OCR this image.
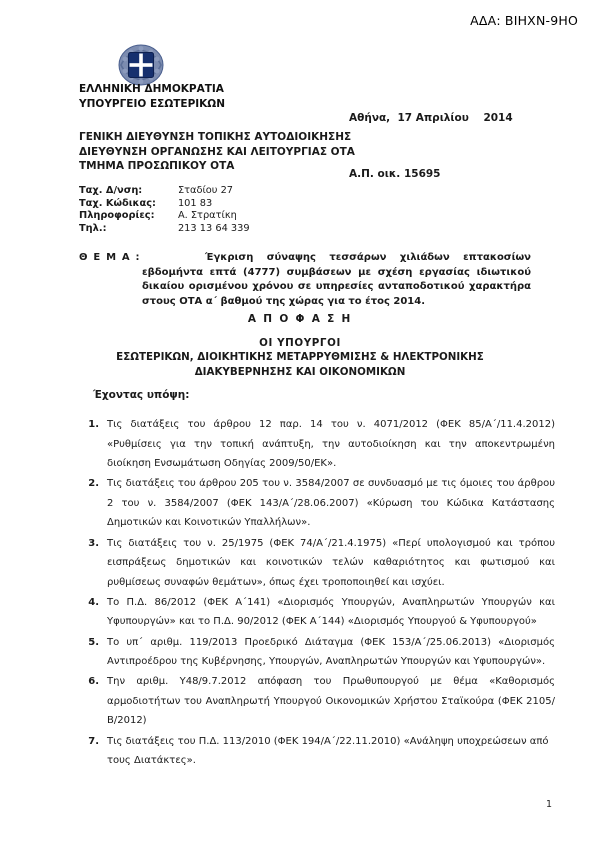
ΑΔΑ: ΒΙΗΧΝ-9ΗΟ
ΕΛΛΗΝΙΚΗ ΔΗΜΟΚΡΑΤΙΑ
ΥΠΟΥΡΓΕΙΟ ΕΣΩΤΕΡΙΚΩΝ

Αθήνα,  17 Απριλίου    2014

Α.Π. οικ. 15695

ΓΕΝΙΚΗ ΔΙΕΥΘΥΝΣΗ ΤΟΠΙΚΗΣ ΑΥΤΟΔΙΟΙΚΗΣΗΣ
ΔΙΕΥΘΥΝΣΗ ΟΡΓΑΝΩΣΗΣ ΚΑΙ ΛΕΙΤΟΥΡΓΙΑΣ ΟΤΑ
ΤΜΗΜΑ ΠΡΟΣΩΠΙΚΟΥ ΟΤΑ
Ταχ. Δ/νση:	Σταδίου 27
Ταχ. Κώδικας:	101 83
Πληροφορίες:	Α. Στρατίκη
Τηλ.:	213 13 64 339
Θ Ε Μ Α :	Έγκριση σύναψης τεσσάρων χιλιάδων επτακοσίων εβδομήντα επτά (4777) συμβάσεων με σχέση εργασίας ιδιωτικού δικαίου ορισμένου χρόνου σε υπηρεσίες ανταποδοτικού χαρακτήρα στους ΟΤΑ α΄ βαθμού της χώρας για το έτος 2014.
Α Π Ο Φ Α Σ Η
ΟΙ ΥΠΟΥΡΓΟΙ
ΕΣΩΤΕΡΙΚΩΝ, ΔΙΟΙΚΗΤΙΚΗΣ ΜΕΤΑΡΡΥΘΜΙΣΗΣ & ΗΛΕΚΤΡΟΝΙΚΗΣ
ΔΙΑΚΥΒΕΡΝΗΣΗΣ ΚΑΙ ΟΙΚΟΝΟΜΙΚΩΝ
Έχοντας υπόψη:
Τις διατάξεις του άρθρου 12 παρ. 14 του ν. 4071/2012 (ΦΕΚ 85/Α΄/11.4.2012) «Ρυθμίσεις για την τοπική ανάπτυξη, την αυτοδιοίκηση και την αποκεντρωμένη διοίκηση Ενσωμάτωση Οδηγίας 2009/50/ΕΚ».
Τις διατάξεις του άρθρου 205 του ν. 3584/2007 σε συνδυασμό με τις όμοιες του άρθρου 2 του ν. 3584/2007 (ΦΕΚ 143/Α΄/28.06.2007) «Κύρωση του Κώδικα Κατάστασης Δημοτικών και Κοινοτικών Υπαλλήλων».
Τις διατάξεις του ν. 25/1975 (ΦΕΚ 74/Α΄/21.4.1975) «Περί υπολογισμού και τρόπου εισπράξεως δημοτικών και κοινοτικών τελών καθαριότητος και φωτισμού και ρυθμίσεως συναφών θεμάτων», όπως έχει τροποποιηθεί και ισχύει.
Το Π.Δ. 86/2012 (ΦΕΚ Α΄141) «Διορισμός Υπουργών, Αναπληρωτών Υπουργών και Υφυπουργών» και το Π.Δ. 90/2012 (ΦΕΚ Α΄144) «Διορισμός Υπουργού & Υφυπουργού»
Το υπ΄ αριθμ. 119/2013 Προεδρικό Διάταγμα (ΦΕΚ 153/Α΄/25.06.2013) «Διορισμός Αντιπροέδρου της Κυβέρνησης, Υπουργών, Αναπληρωτών Υπουργών και Υφυπουργών».
Την αριθμ. Υ48/9.7.2012 απόφαση του Πρωθυπουργού με θέμα «Καθορισμός αρμοδιοτήτων του Αναπληρωτή Υπουργού Οικονομικών Χρήστου Σταϊκούρα (ΦΕΚ 2105/Β/2012)
Τις διατάξεις του Π.Δ. 113/2010 (ΦΕΚ 194/Α΄/22.11.2010) «Ανάληψη υποχρεώσεων από τους Διατάκτες».
1
